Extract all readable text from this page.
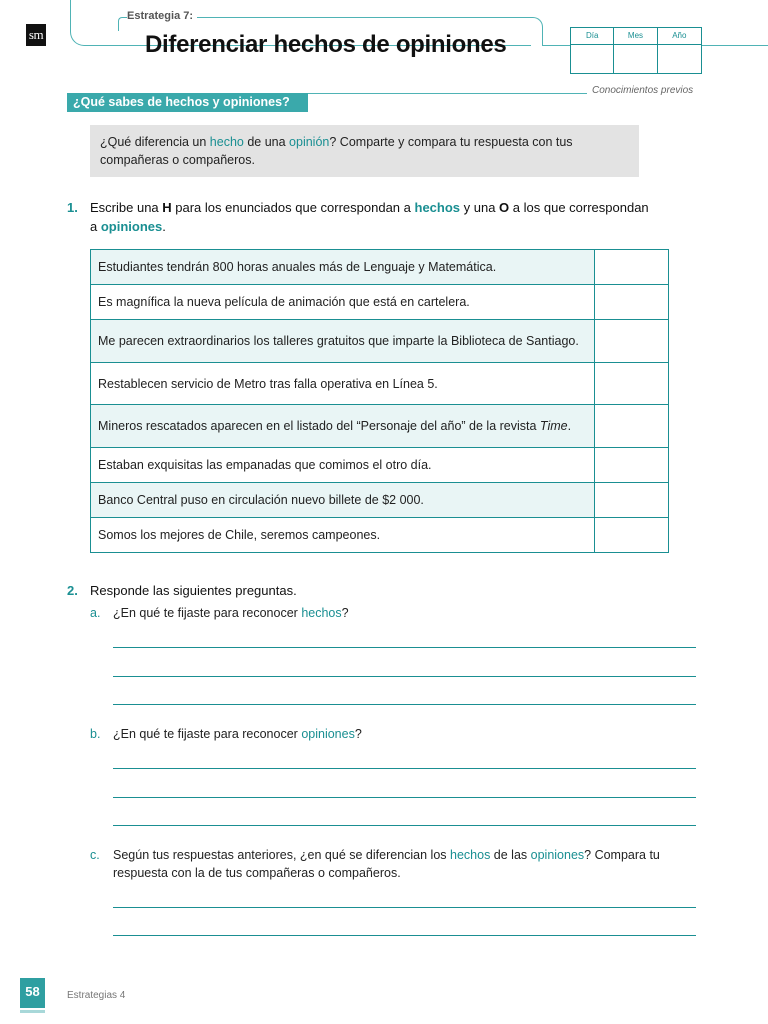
sm
Estrategia 7:
Diferenciar hechos de opiniones	Día	Mes	Año
Conocimientos previos
¿Qué sabes de hechos y opiniones?
¿Qué diferencia un hecho de una opinión? Comparte y compara tu respuesta con tus compañeras o compañeros.
1. Escribe una H para los enunciados que correspondan a hechos y una O a los que correspondan a opiniones.
Estudiantes tendrán 800 horas anuales más de Lenguaje y Matemática.	
Es magnífica la nueva película de animación que está en cartelera.	
Me parecen extraordinarios los talleres gratuitos que imparte la Biblioteca de Santiago.	
Restablecen servicio de Metro tras falla operativa en Línea 5.	
Mineros rescatados aparecen en el listado del “Personaje del año” de la revista Time.	
Estaban exquisitas las empanadas que comimos el otro día.	
Banco Central puso en circulación nuevo billete de $2 000.	
Somos los mejores de Chile, seremos campeones.	
2. Responde las siguientes preguntas.
a. ¿En qué te fijaste para reconocer hechos?
b. ¿En qué te fijaste para reconocer opiniones?
c. Según tus respuestas anteriores, ¿en qué se diferencian los hechos de las opiniones? Compara tu respuesta con la de tus compañeras o compañeros.
58	Estrategias 4
